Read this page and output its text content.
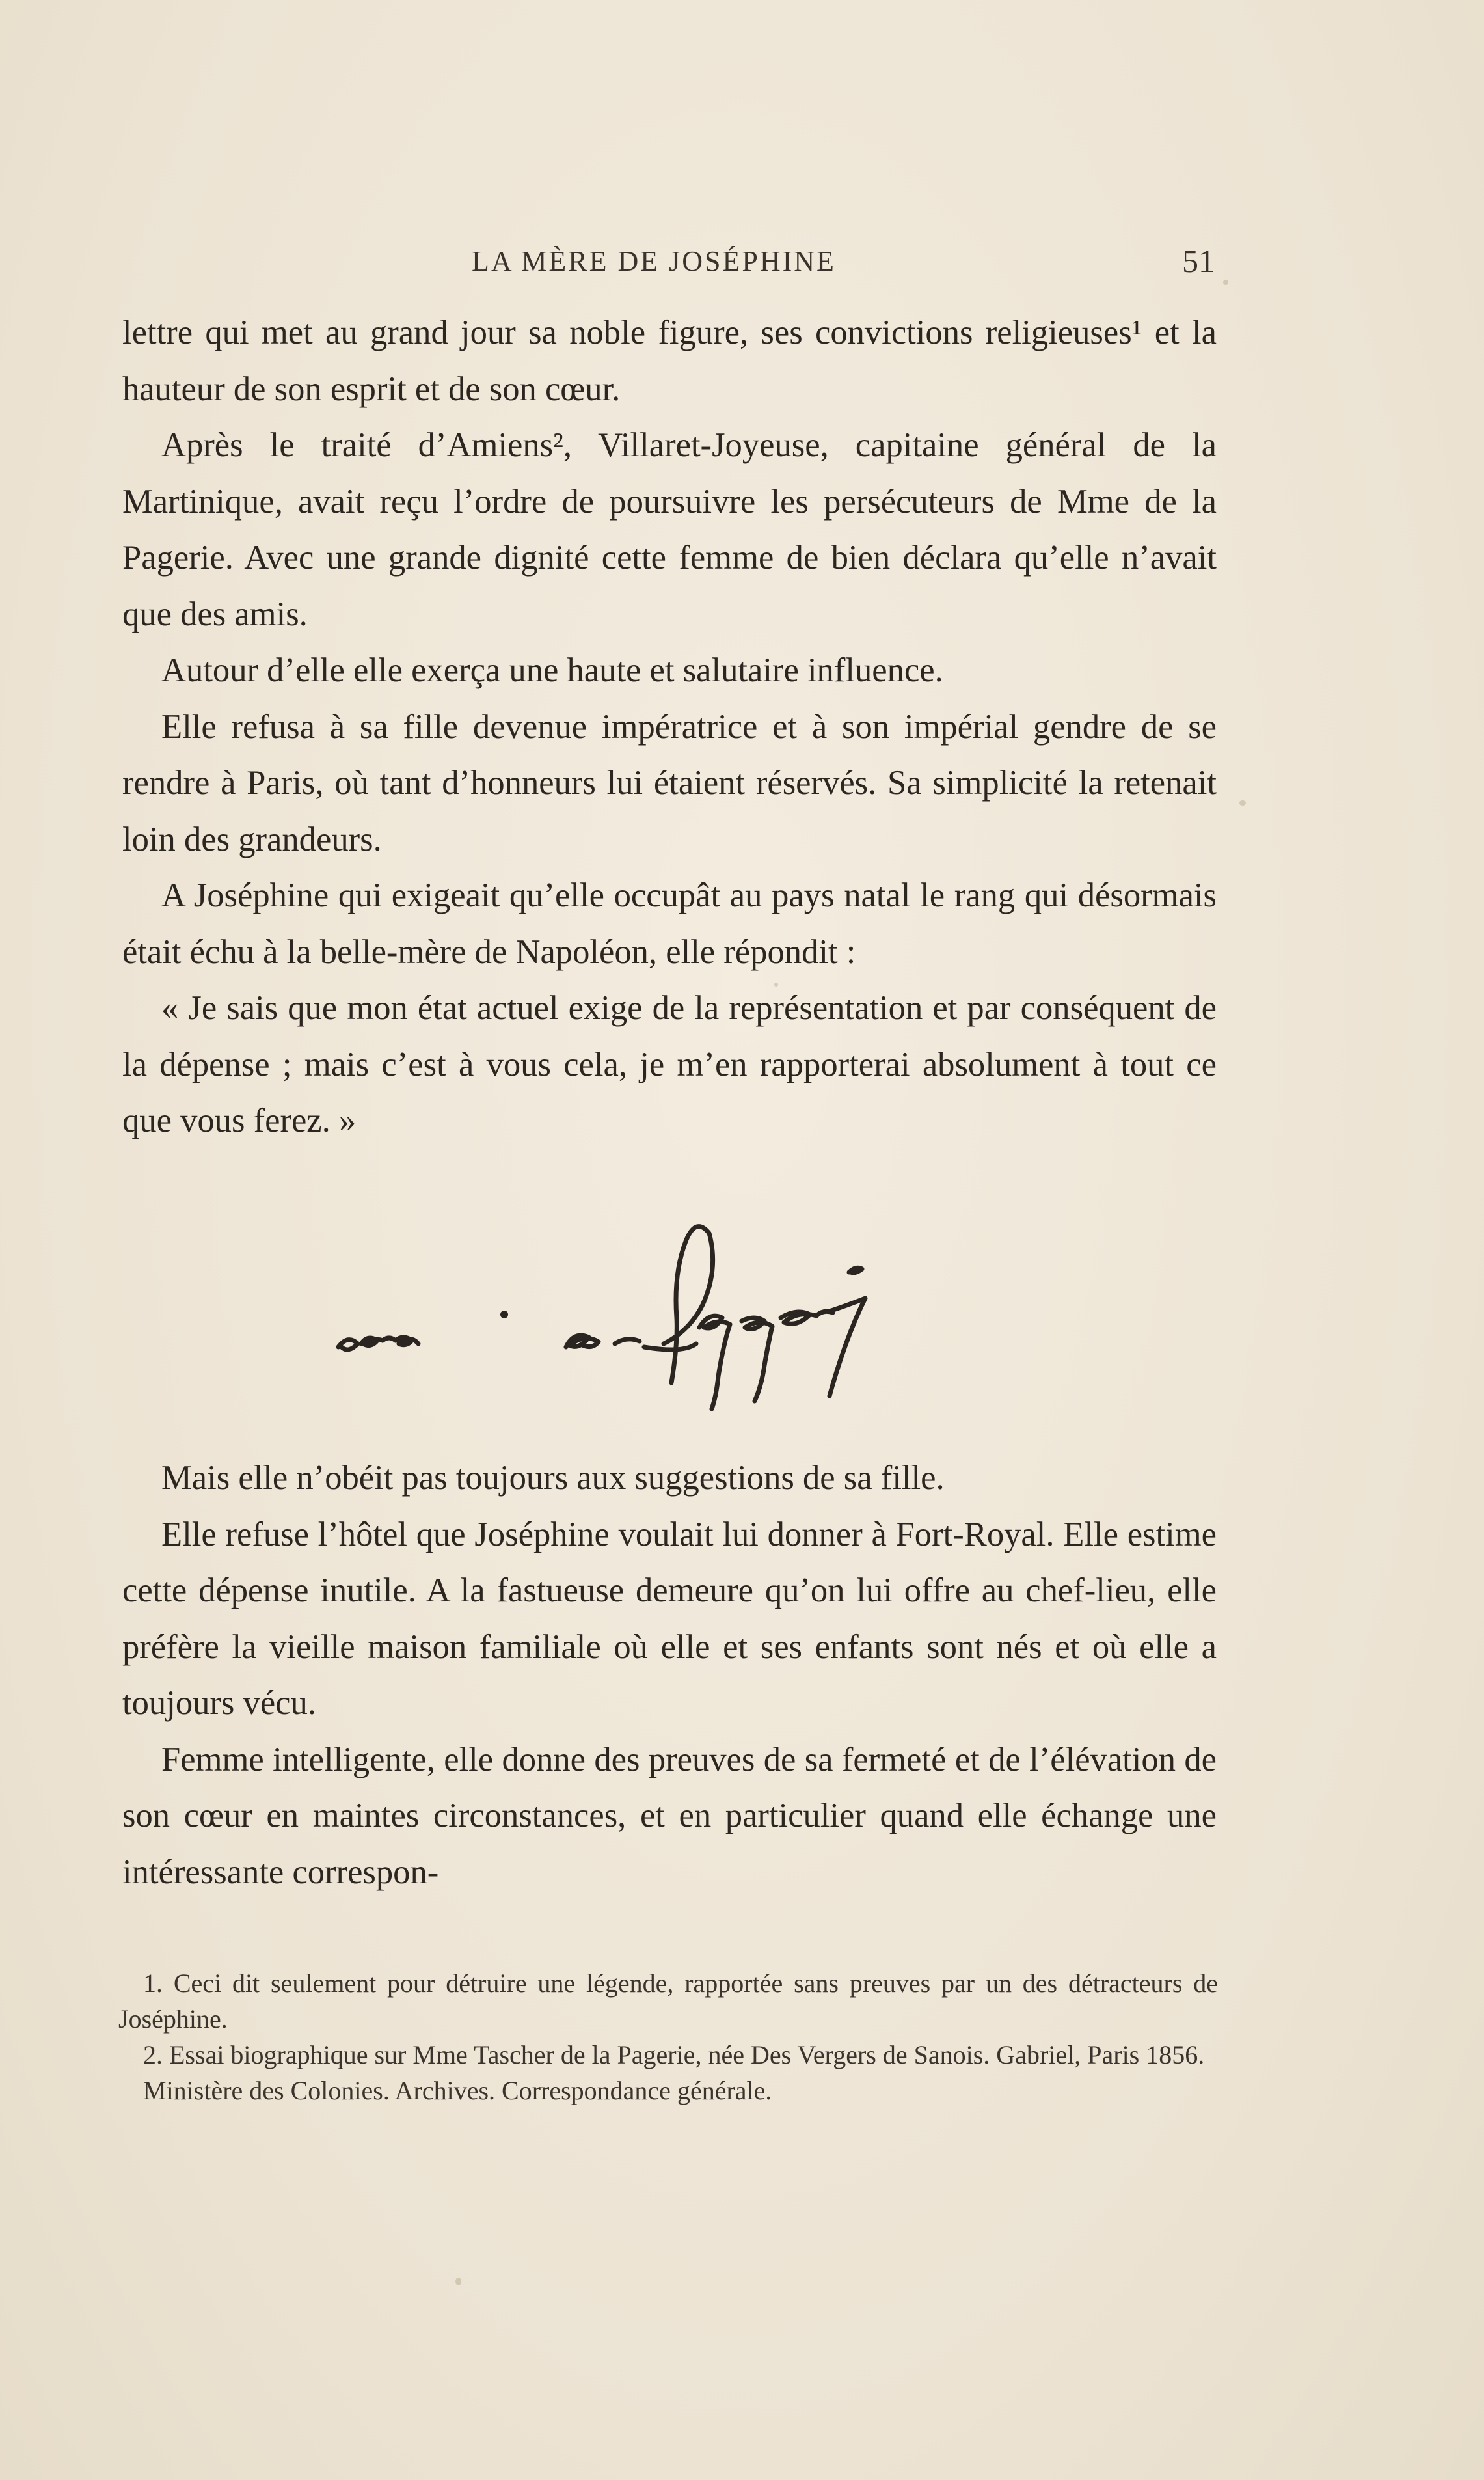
LA MÈRE DE JOSÉPHINE	51

lettre qui met au grand jour sa noble figure, ses convictions religieuses¹ et la hauteur de son esprit et de son cœur.

Après le traité d’Amiens², Villaret-Joyeuse, capitaine général de la Martinique, avait reçu l’ordre de poursuivre les persécuteurs de Mme de la Pagerie. Avec une grande dignité cette femme de bien déclara qu’elle n’avait que des amis.

Autour d’elle elle exerça une haute et salutaire influence.

Elle refusa à sa fille devenue impératrice et à son impérial gendre de se rendre à Paris, où tant d’honneurs lui étaient réservés. Sa simplicité la retenait loin des grandeurs.

A Joséphine qui exigeait qu’elle occupât au pays natal le rang qui désormais était échu à la belle-mère de Napoléon, elle répondit :

« Je sais que mon état actuel exige de la représentation et par conséquent de la dépense ; mais c’est à vous cela, je m’en rapporterai absolument à tout ce que vous ferez. »

Mais elle n’obéit pas toujours aux suggestions de sa fille.

Elle refuse l’hôtel que Joséphine voulait lui donner à Fort-Royal. Elle estime cette dépense inutile. A la fastueuse demeure qu’on lui offre au chef-lieu, elle préfère la vieille maison familiale où elle et ses enfants sont nés et où elle a toujours vécu.

Femme intelligente, elle donne des preuves de sa fermeté et de l’élévation de son cœur en maintes circonstances, et en particulier quand elle échange une intéressante correspon-

1. Ceci dit seulement pour détruire une légende, rapportée sans preuves par un des détracteurs de Joséphine.

2. Essai biographique sur Mme Tascher de la Pagerie, née Des Vergers de Sanois. Gabriel, Paris 1856.

Ministère des Colonies. Archives. Correspondance générale.
